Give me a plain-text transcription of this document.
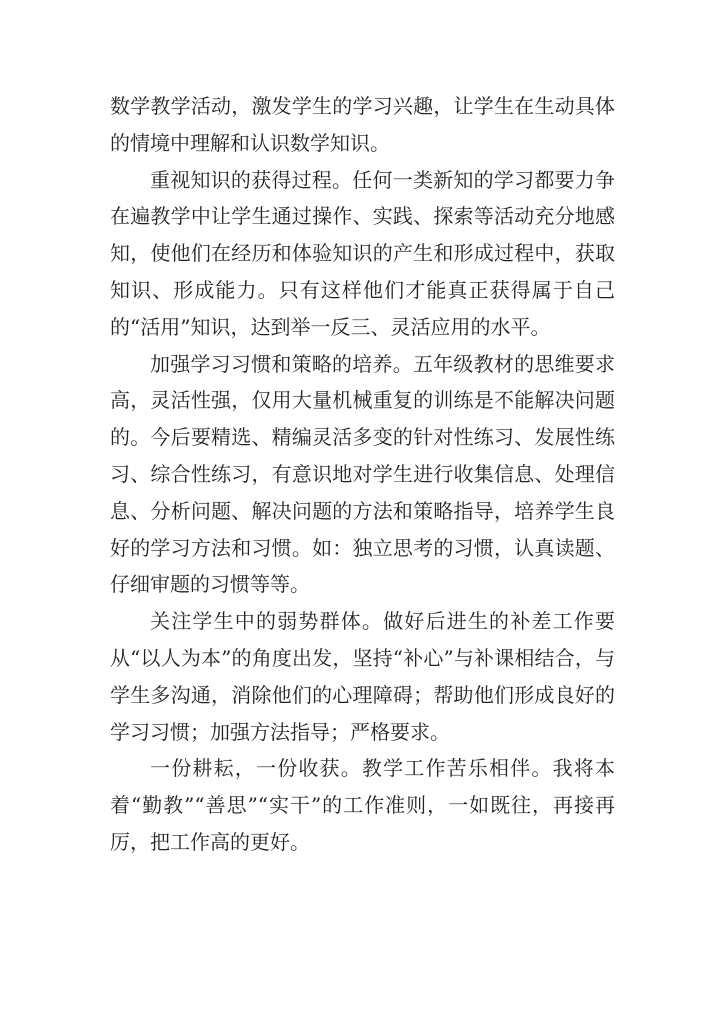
数学教学活动，激发学生的学习兴趣，让学生在生动具体的情境中理解和认识数学知识。

重视知识的获得过程。任何一类新知的学习都要力争在遍教学中让学生通过操作、实践、探索等活动充分地感知，使他们在经历和体验知识的产生和形成过程中，获取知识、形成能力。只有这样他们才能真正获得属于自己的“活用”知识，达到举一反三、灵活应用的水平。

加强学习习惯和策略的培养。五年级教材的思维要求高，灵活性强，仅用大量机械重复的训练是不能解决问题的。今后要精选、精编灵活多变的针对性练习、发展性练习、综合性练习，有意识地对学生进行收集信息、处理信息、分析问题、解决问题的方法和策略指导，培养学生良好的学习方法和习惯。如：独立思考的习惯，认真读题、仔细审题的习惯等等。

关注学生中的弱势群体。做好后进生的补差工作要从“以人为本”的角度出发，坚持“补心”与补课相结合，与学生多沟通，消除他们的心理障碍；帮助他们形成良好的学习习惯；加强方法指导；严格要求。

一份耕耘，一份收获。教学工作苦乐相伴。我将本着“勤教”“善思”“实干”的工作准则，一如既往，再接再厉，把工作高的更好。
